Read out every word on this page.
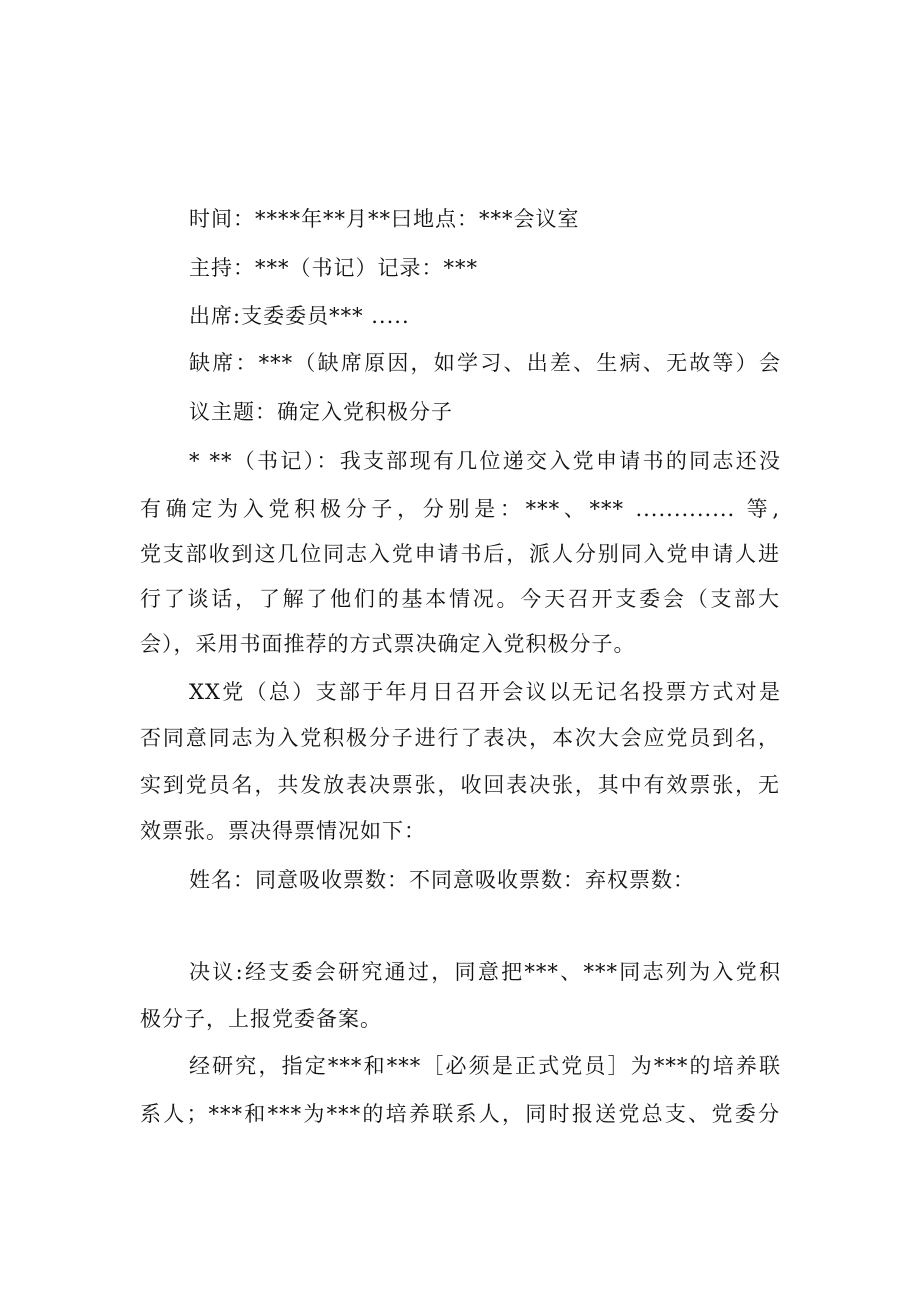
时间：****年**月**曰地点：***会议室
主持：***（书记）记录：***
出席:支委委员*** .....
缺席：***（缺席原因，如学习、出差、生病、无故等）会
议主题：确定入党积极分子
* **（书记）：我支部现有几位递交入党申请书的同志还没
有确定为入党积极分子，分别是：***、*** ............. 等,
党支部收到这几位同志入党申请书后，派人分别同入党申请人进
行了谈话，了解了他们的基本情况。今天召开支委会（支部大
会），采用书面推荐的方式票决确定入党积极分子。
XX党（总）支部于年月日召开会议以无记名投票方式对是
否同意同志为入党积极分子进行了表决，本次大会应党员到名，
实到党员名，共发放表决票张，收回表决张，其中有效票张，无
效票张。票决得票情况如下：
姓名：同意吸收票数：不同意吸收票数：弃权票数：
决议:经支委会研究通过，同意把***、***同志列为入党积
极分子，上报党委备案。
经研究，指定***和***［必须是正式党员］为***的培养联
系人；***和***为***的培养联系人，同时报送党总支、党委分
